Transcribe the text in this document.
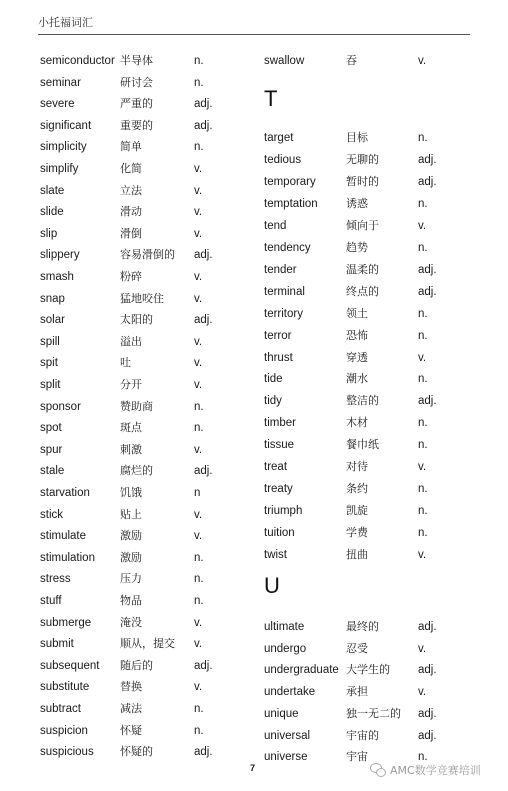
小托福词汇
semiconductor 半导体	n.
seminar	研讨会	n.
severe	严重的	adj.
significant	重要的	adj.
simplicity	简单	n.
simplify	化简	v.
slate	立法	v.
slide	滑动	v.
slip	滑倒	v.
slippery	容易滑倒的 adj.
smash	粉碎	v.
snap	猛地咬住	v.
solar	太阳的	adj.
spill	溢出	v.
spit	吐	v.
split	分开	v.
sponsor	赞助商	n.
spot	斑点	n.
spur	刺激	v.
stale	腐烂的	adj.
starvation	饥饿	n
stick	贴上	v.
stimulate	激励	v.
stimulation 激励	n.
stress	压力	n.
stuff	物品	n.
submerge	淹没	v.
submit	顺从，提交 v.
subsequent 随后的	adj.
substitute	替换	v.
subtract	减法	n.
suspicion	怀疑	n.
suspicious 怀疑的	adj.
T
U
swallow	吞	v.
target	目标	n.
tedious	无聊的	adj.
temporary	暂时的	adj.
temptation	诱惑	n.
tend	倾向于	v.
tendency	趋势	n.
tender	温柔的	adj.
terminal	终点的	adj.
territory	领土	n.
terror	恐怖	n.
thrust	穿透	v.
tide	潮水	n.
tidy	整洁的	adj.
timber	木材	n.
tissue	餐巾纸	n.
treat	对待	v.
treaty	条约	n.
triumph	凯旋	n.
tuition	学费	n.
twist	扭曲	v.
ultimate	最终的	adj.
undergo	忍受	v.
undergraduate 大学生的 adj.
undertake	承担	v.
unique	独一无二的 adj.
universal	宇宙的	adj.
universe	宇宙	n.
7	AMC数学竞赛培训
